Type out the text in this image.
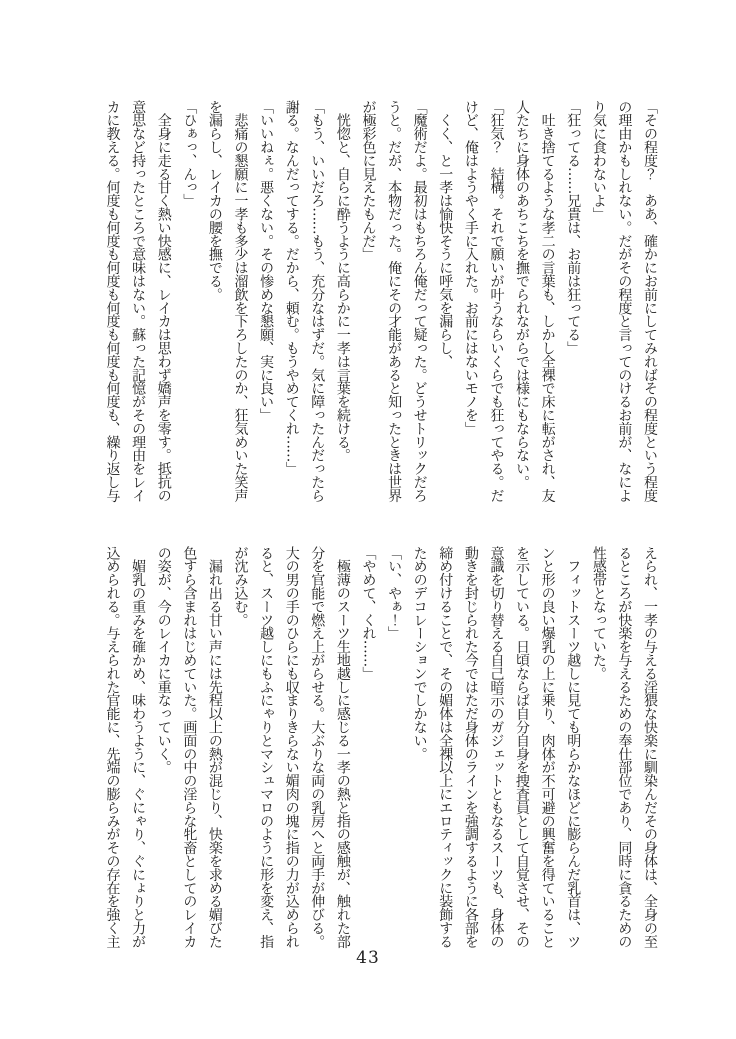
「その程度？　ああ、確かにお前にしてみればその程度という程度

の理由かもしれない。だがその程度と言ってのけるお前が、なによ

り気に食わないよ」

「狂ってる……兄貴は、お前は狂ってる」

　吐き捨てるような孝二の言葉も、しかし全裸で床に転がされ、友

人たちに身体のあちこちを撫でられながらでは様にもならない。

「狂気？　結構。それで願いが叶うならいくらでも狂ってやる。だ

けど、俺はようやく手に入れた。お前にはないモノを」

　くく、と一孝は愉快そうに呼気を漏らし、

「魔術だよ。最初はもちろん俺だって疑った。どうせトリックだろ

うと。だが、本物だった。俺にその才能があると知ったときは世界

が極彩色に見えたもんだ」

　恍惚と、自らに酔うように高らかに一孝は言葉を続ける。

「もう、いいだろ……もう、充分なはずだ。気に障ったんだったら

謝る。なんだってする。だから、頼む。もうやめてくれ……」

「いいねぇ。悪くない。その惨めな懇願、実に良い」

　悲痛の懇願に一孝も多少は溜飲を下ろしたのか、狂気めいた笑声

を漏らし、レイカの腰を撫でる。

「ひぁっ、んっ」

　全身に走る甘く熱い快感に、レイカは思わず嬌声を零す。抵抗の

意思など持ったところで意味はない。蘇った記憶がその理由をレイ

カに教える。何度も何度も何度も何度も何度も何度も、繰り返し与

えられ、一孝の与える淫猥な快楽に馴染んだその身体は、全身の至

るところが快楽を与えるための奉仕部位であり、同時に貪るための

性感帯となっていた。

　フィットスーツ越しに見ても明らかなほどに膨らんだ乳首は、ツ

ンと形の良い爆乳の上に乗り、肉体が不可避の興奮を得ていること

を示している。日頃ならば自分自身を捜査員として自覚させ、その

意識を切り替える自己暗示のガジェットともなるスーツも、身体の

動きを封じられた今ではただ身体のラインを強調するように各部を

締め付けることで、その媚体は全裸以上にエロティックに装飾する

ためのデコレーションでしかない。

「い、やぁ！」

「やめて、くれ……」

　極薄のスーツ生地越しに感じる一孝の熱と指の感触が、触れた部

分を官能で燃え上がらせる。大ぶりな両の乳房へと両手が伸びる。

大の男の手のひらにも収まりきらない媚肉の塊に指の力が込められ

ると、スーツ越しにもふにゃりとマシュマロのように形を変え、指

が沈み込む。

　漏れ出る甘い声には先程以上の熱が混じり、快楽を求める媚びた

色すら含まれはじめていた。画面の中の淫らな牝畜としてのレイカ

の姿が、今のレイカに重なっていく。

　媚乳の重みを確かめ、味わうように、ぐにゃり、ぐにょりと力が

込められる。与えられた官能に、先端の膨らみがその存在を強く主

43
